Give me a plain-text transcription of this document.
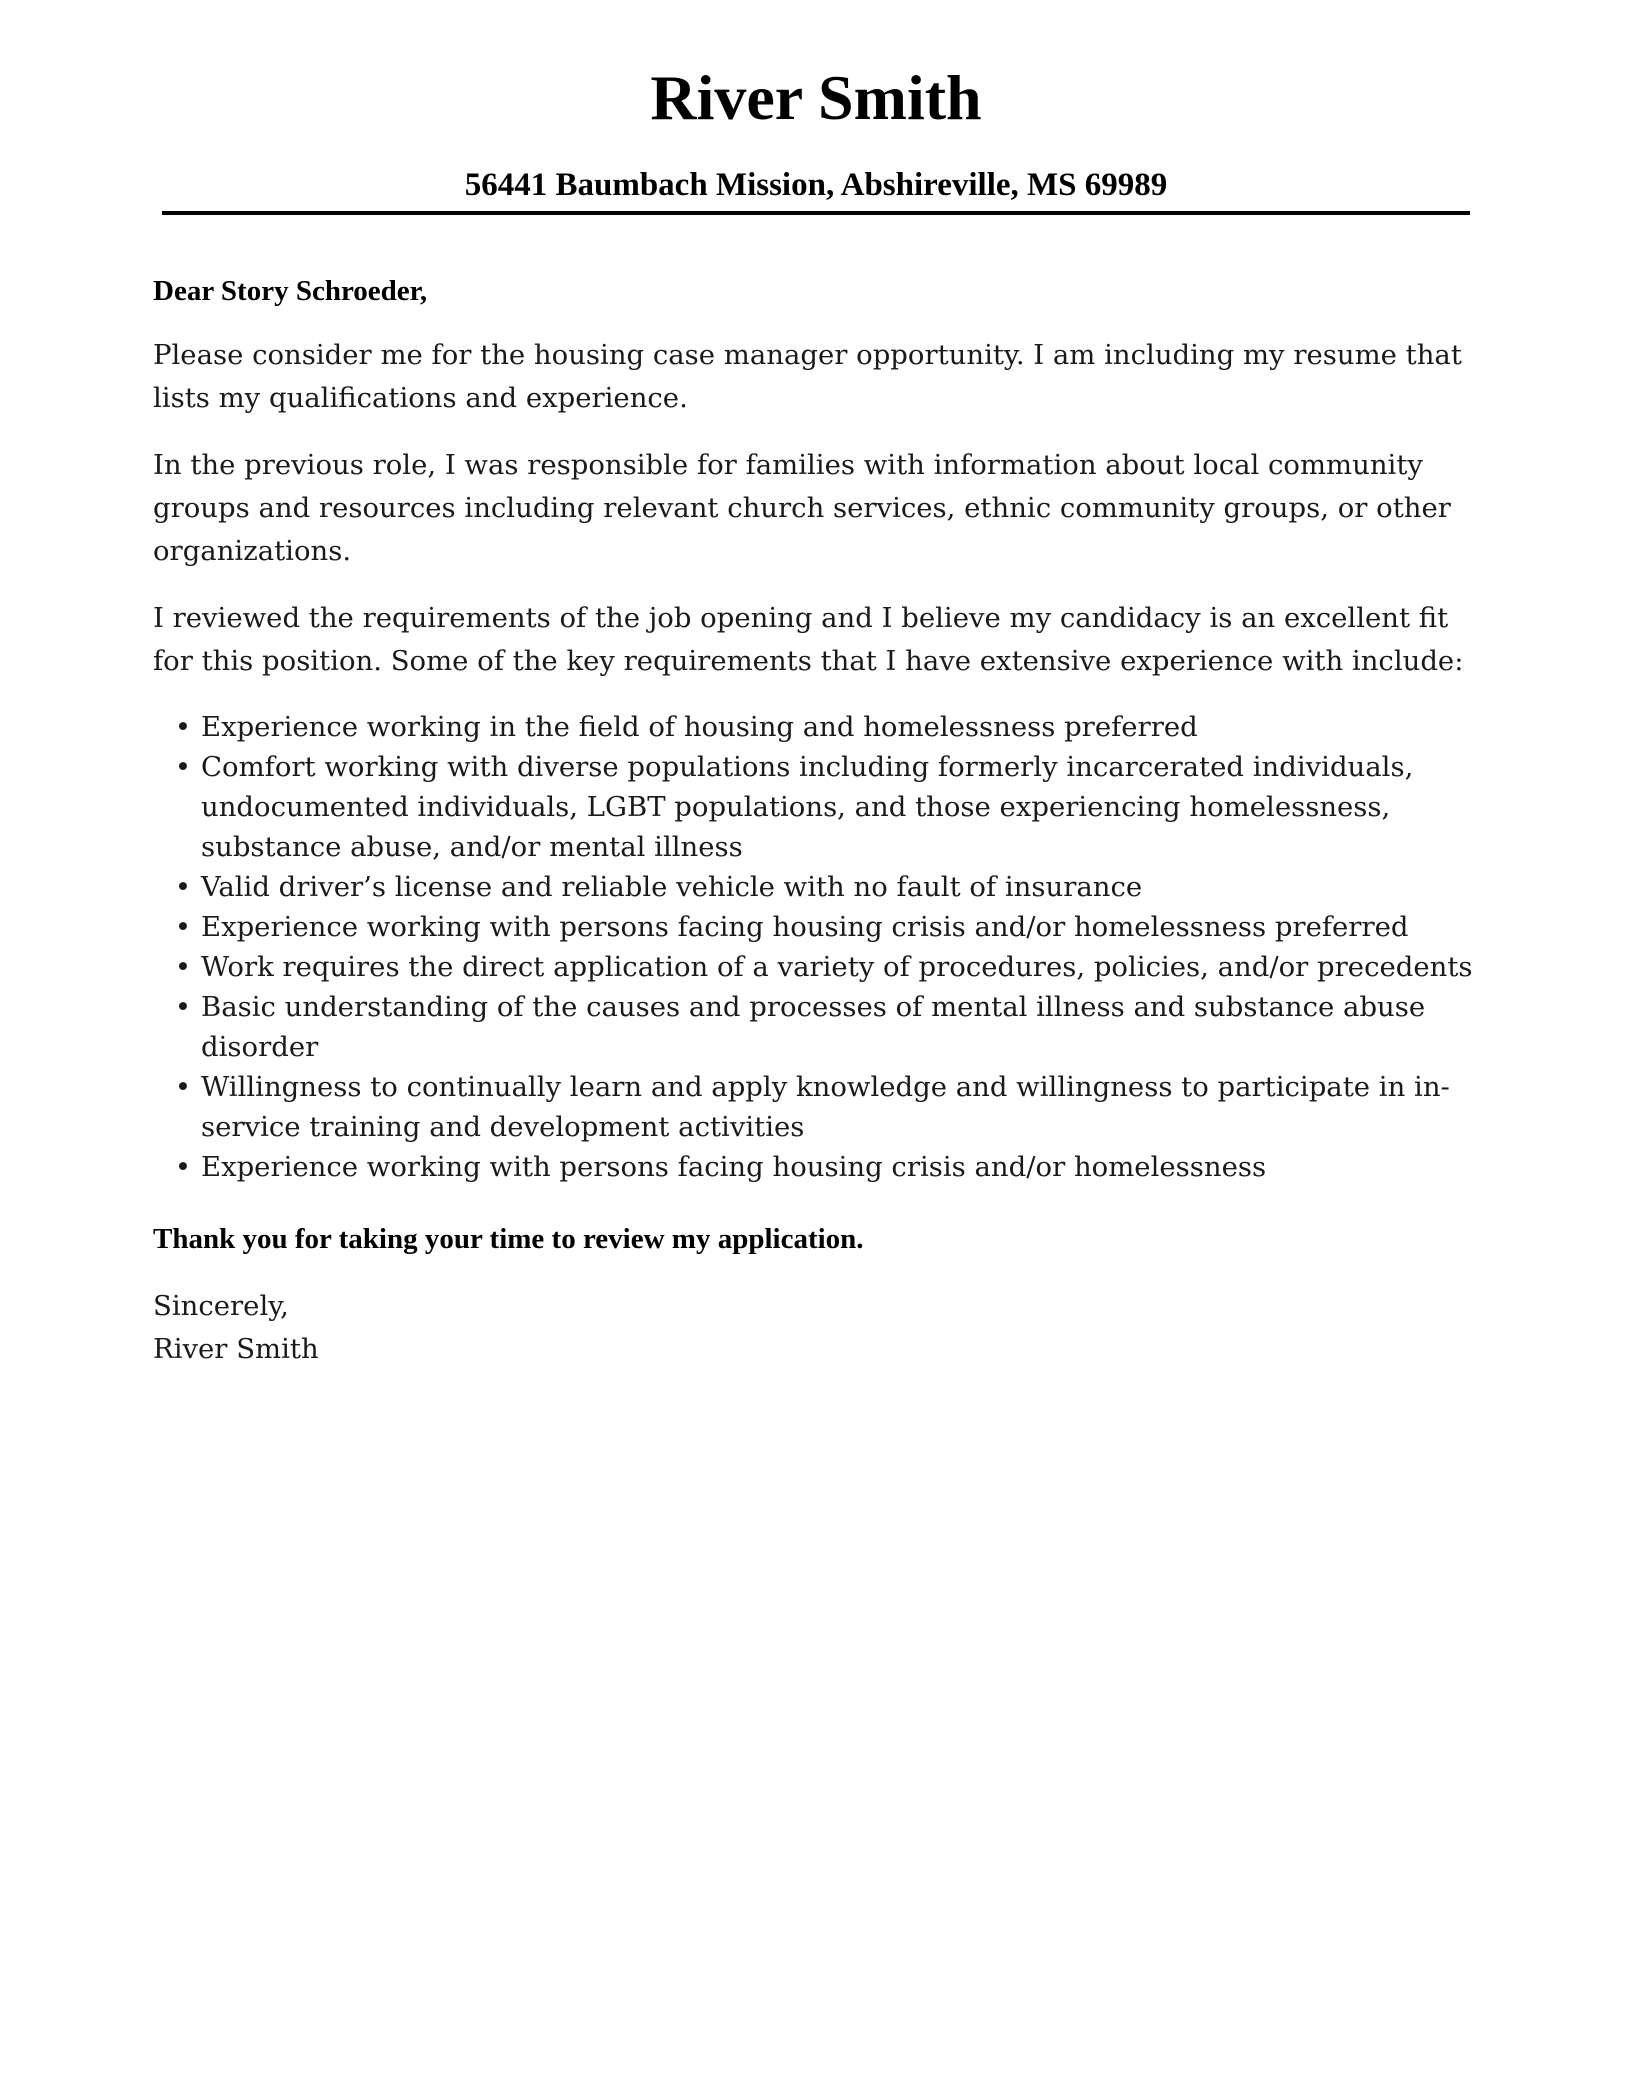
River Smith
56441 Baumbach Mission, Abshireville, MS 69989

Dear Story Schroeder,

Please consider me for the housing case manager opportunity. I am including my resume that lists my qualifications and experience.

In the previous role, I was responsible for families with information about local community groups and resources including relevant church services, ethnic community groups, or other organizations.

I reviewed the requirements of the job opening and I believe my candidacy is an excellent fit for this position. Some of the key requirements that I have extensive experience with include:

• Experience working in the field of housing and homelessness preferred
• Comfort working with diverse populations including formerly incarcerated individuals, undocumented individuals, LGBT populations, and those experiencing homelessness, substance abuse, and/or mental illness
• Valid driver’s license and reliable vehicle with no fault of insurance
• Experience working with persons facing housing crisis and/or homelessness preferred
• Work requires the direct application of a variety of procedures, policies, and/or precedents
• Basic understanding of the causes and processes of mental illness and substance abuse disorder
• Willingness to continually learn and apply knowledge and willingness to participate in in-service training and development activities
• Experience working with persons facing housing crisis and/or homelessness

Thank you for taking your time to review my application.

Sincerely,

River Smith
